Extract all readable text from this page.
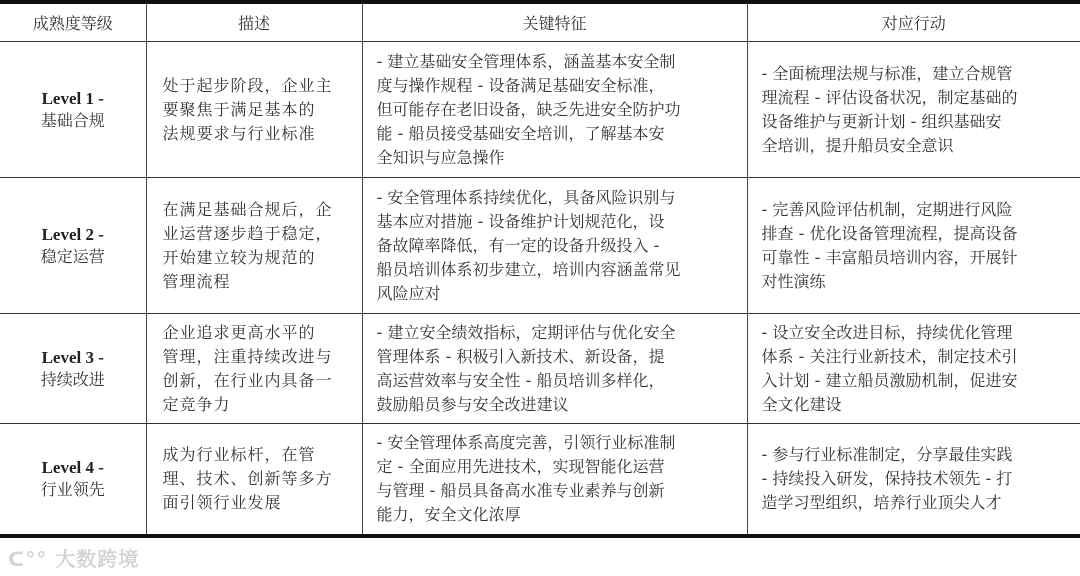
成熟度等级	描述	关键特征	对应行动

Level 1 -
基础合规	处于起步阶段，企业主
要聚焦于满足基本的
法规要求与行业标准	- 建立基础安全管理体系，涵盖基本安全制
度与操作规程 - 设备满足基础安全标准，
但可能存在老旧设备，缺乏先进安全防护功
能 - 船员接受基础安全培训，了解基本安
全知识与应急操作	- 全面梳理法规与标准，建立合规管
理流程 - 评估设备状况，制定基础的
设备维护与更新计划 - 组织基础安
全培训，提升船员安全意识

Level 2 -
稳定运营	在满足基础合规后，企
业运营逐步趋于稳定，
开始建立较为规范的
管理流程	- 安全管理体系持续优化，具备风险识别与
基本应对措施 - 设备维护计划规范化，设
备故障率降低，有一定的设备升级投入 -
船员培训体系初步建立，培训内容涵盖常见
风险应对	- 完善风险评估机制，定期进行风险
排查 - 优化设备管理流程，提高设备
可靠性 - 丰富船员培训内容，开展针
对性演练

Level 3 -
持续改进	企业追求更高水平的
管理，注重持续改进与
创新，在行业内具备一
定竞争力	- 建立安全绩效指标，定期评估与优化安全
管理体系 - 积极引入新技术、新设备，提
高运营效率与安全性 - 船员培训多样化，
鼓励船员参与安全改进建议	- 设立安全改进目标，持续优化管理
体系 - 关注行业新技术，制定技术引
入计划 - 建立船员激励机制，促进安
全文化建设

Level 4 -
行业领先	成为行业标杆，在管
理、技术、创新等多方
面引领行业发展	- 安全管理体系高度完善，引领行业标准制
定 - 全面应用先进技术，实现智能化运营
与管理 - 船员具备高水准专业素养与创新
能力，安全文化浓厚	- 参与行业标准制定，分享最佳实践
- 持续投入研发，保持技术领先 - 打
造学习型组织，培养行业顶尖人才
ᑕ°° 大数跨境
